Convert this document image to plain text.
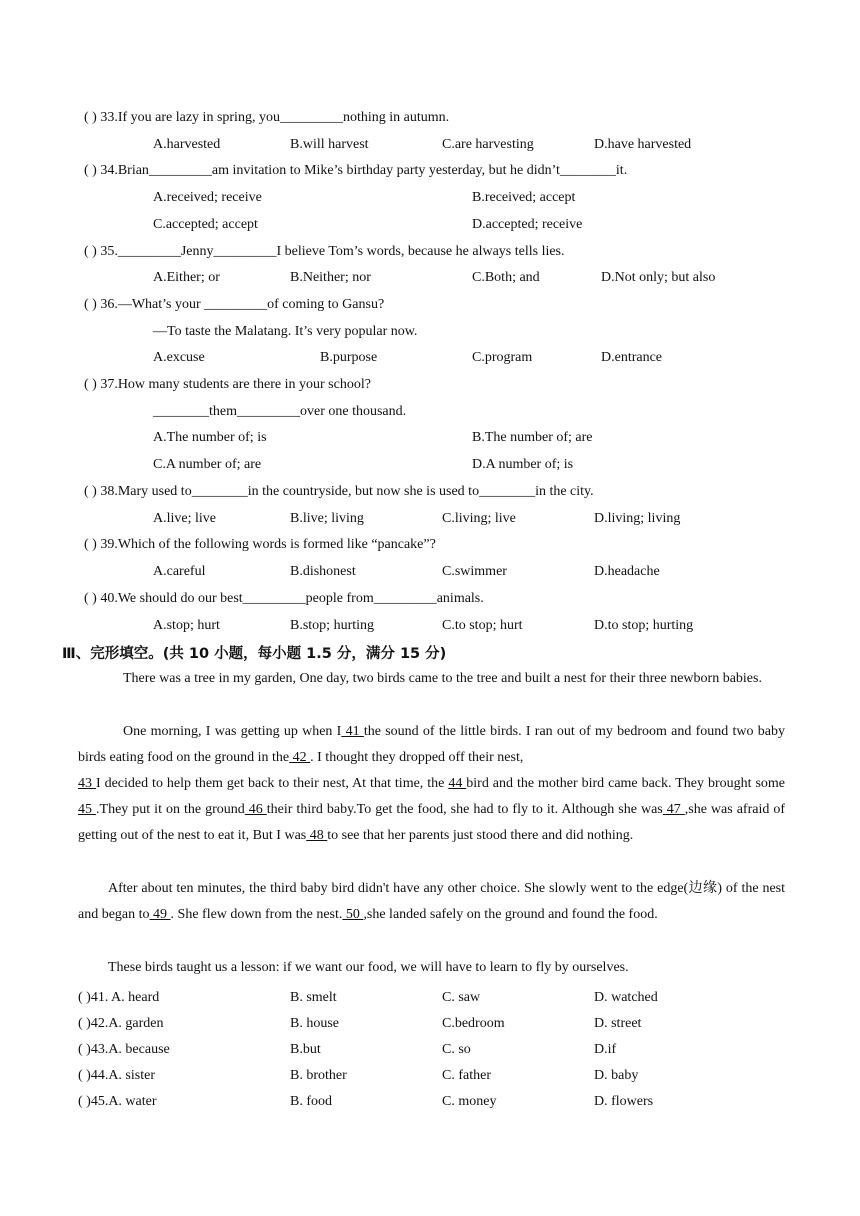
( ) 33.If you are lazy in spring, you_________nothing in autumn.
A.harvested	B.will harvest	C.are harvesting	D.have harvested
( ) 34.Brian_________am invitation to Mike’s birthday party yesterday, but he didn’t________it.
A.received; receive	B.received; accept
C.accepted; accept	D.accepted; receive
( ) 35._________Jenny_________I believe Tom’s words, because he always tells lies.
A.Either; or	B.Neither; nor	C.Both; and	D.Not only; but also
( ) 36.—What’s your _________of coming to Gansu?
—To taste the Malatang. It’s very popular now.
A.excuse	B.purpose	C.program	D.entrance
( ) 37.How many students are there in your school?
________them_________over one thousand.
A.The number of; is	B.The number of; are
C.A number of; are	D.A number of; is
( ) 38.Mary used to________in the countryside, but now she is used to________in the city.
A.live; live	B.live; living	C.living; live	D.living; living
( ) 39.Which of the following words is formed like “pancake”?
A.careful	B.dishonest	C.swimmer	D.headache
( ) 40.We should do our best_________people from_________animals.
A.stop; hurt	B.stop; hurting	C.to stop; hurt	D.to stop; hurting
Ⅲ、完形填空。(共 10 小题，每小题 1.5 分，满分 15 分)
There was a tree in my garden, One day, two birds came to the tree and built a nest for their three newborn babies.
One morning, I was getting up when I 41 the sound of the little birds. I ran out of my bedroom and found two baby birds eating food on the ground in the 42 . I thought they dropped off their nest,
43 I decided to help them get back to their nest, At that time, the 44 bird and the mother bird came back. They brought some 45 .They put it on the ground 46 their third baby.To get the food, she had to fly to it. Although she was 47 ,she was afraid of getting out of the nest to eat it, But I was 48 to see that her parents just stood there and did nothing.
After about ten minutes, the third baby bird didn't have any other choice. She slowly went to the edge(边缘) of the nest and began to 49 . She flew down from the nest. 50 ,she landed safely on the ground and found the food.
These birds taught us a lesson: if we want our food, we will have to learn to fly by ourselves.
( )41. A. heard	B. smelt	C. saw	D. watched
( )42.A. garden	B. house	C.bedroom	D. street
( )43.A. because	B.but	C. so	D.if
( )44.A. sister	B. brother	C. father	D. baby
( )45.A. water	B. food	C. money	D. flowers
